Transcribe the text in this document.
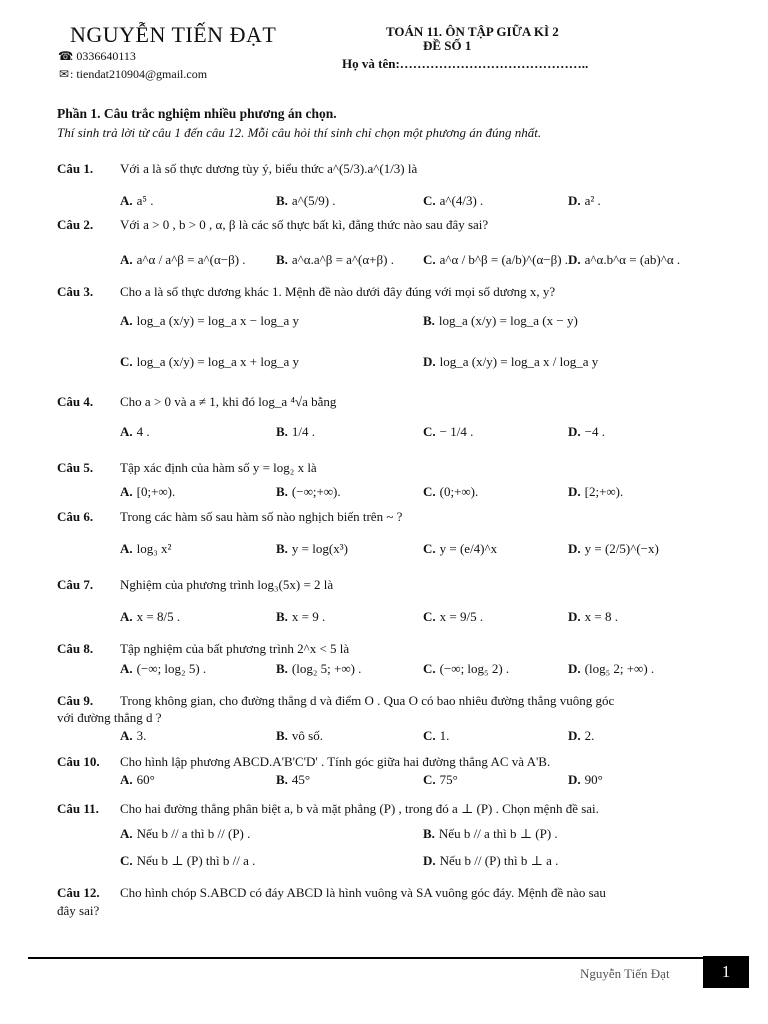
NGUYỄN TIẾN ĐẠT
☎: 0336640113
✉: tiendat210904@gmail.com
TOÁN 11. ÔN TẬP GIỮA KÌ 2
ĐỀ SỐ 1
Họ và tên:……………………………………..
Phần 1. Câu trắc nghiệm nhiều phương án chọn.
Thí sinh trả lời từ câu 1 đến câu 12. Mỗi câu hỏi thí sinh chỉ chọn một phương án đúng nhất.
Câu 1. Với a là số thực dương tùy ý, biểu thức a^(5/3).a^(1/3) là
A. a⁵ .	B. a^(5/9) .	C. a^(4/3) .	D. a² .
Câu 2. Với a > 0 , b > 0 , α, β là các số thực bất kì, đẳng thức nào sau đây sai?
A. a^α / a^β = a^(α−β) . B. a^α.a^β = a^(α+β) . C. a^α / b^β = (a/b)^(α−β) . D. a^α.b^α = (ab)^α .
Câu 3. Cho a là số thực dương khác 1. Mệnh đề nào dưới đây đúng với mọi số dương x, y?
A. log_a (x/y) = log_a x − log_a y	B. log_a (x/y) = log_a (x − y)
C. log_a (x/y) = log_a x + log_a y	D. log_a (x/y) = log_a x / log_a y
Câu 4. Cho a > 0 và a ≠ 1, khi đó log_a ⁴√a bằng
A. 4 .	B. 1/4 .	C. − 1/4 .	D. −4 .
Câu 5. Tập xác định của hàm số y = log₂ x là
A. [0;+∞).	B. (−∞;+∞).	C. (0;+∞).	D. [2;+∞).
Câu 6. Trong các hàm số sau hàm số nào nghịch biến trên ~ ?
A. log₃ x²	B. y = log(x³)	C. y = (e/4)^x	D. y = (2/5)^(−x)
Câu 7. Nghiệm của phương trình log₃(5x) = 2 là
A. x = 8/5 .	B. x = 9 .	C. x = 9/5 .	D. x = 8 .
Câu 8. Tập nghiệm của bất phương trình 2^x < 5 là
A. (−∞; log₂ 5) .	B. (log₂ 5; +∞) .	C. (−∞; log₅ 2) .	D. (log₅ 2; +∞) .
Câu 9. Trong không gian, cho đường thẳng d và điểm O . Qua O có bao nhiêu đường thẳng vuông góc
với đường thẳng d ?
A. 3.	B. vô số.	C. 1.	D. 2.
Câu 10. Cho hình lập phương ABCD.A'B'C'D' . Tính góc giữa hai đường thẳng AC và A'B.
A. 60°	B. 45°	C. 75°	D. 90°
Câu 11. Cho hai đường thẳng phân biệt a, b và mặt phẳng (P) , trong đó a ⊥ (P) . Chọn mệnh đề sai.
A. Nếu b // a thì b // (P) .	B. Nếu b // a thì b ⊥ (P) .
C. Nếu b ⊥ (P) thì b // a .	D. Nếu b // (P) thì b ⊥ a .
Câu 12. Cho hình chóp S.ABCD có đáy ABCD là hình vuông và SA vuông góc đáy. Mệnh đề nào sau
đây sai?
Nguyễn Tiến Đạt	1
